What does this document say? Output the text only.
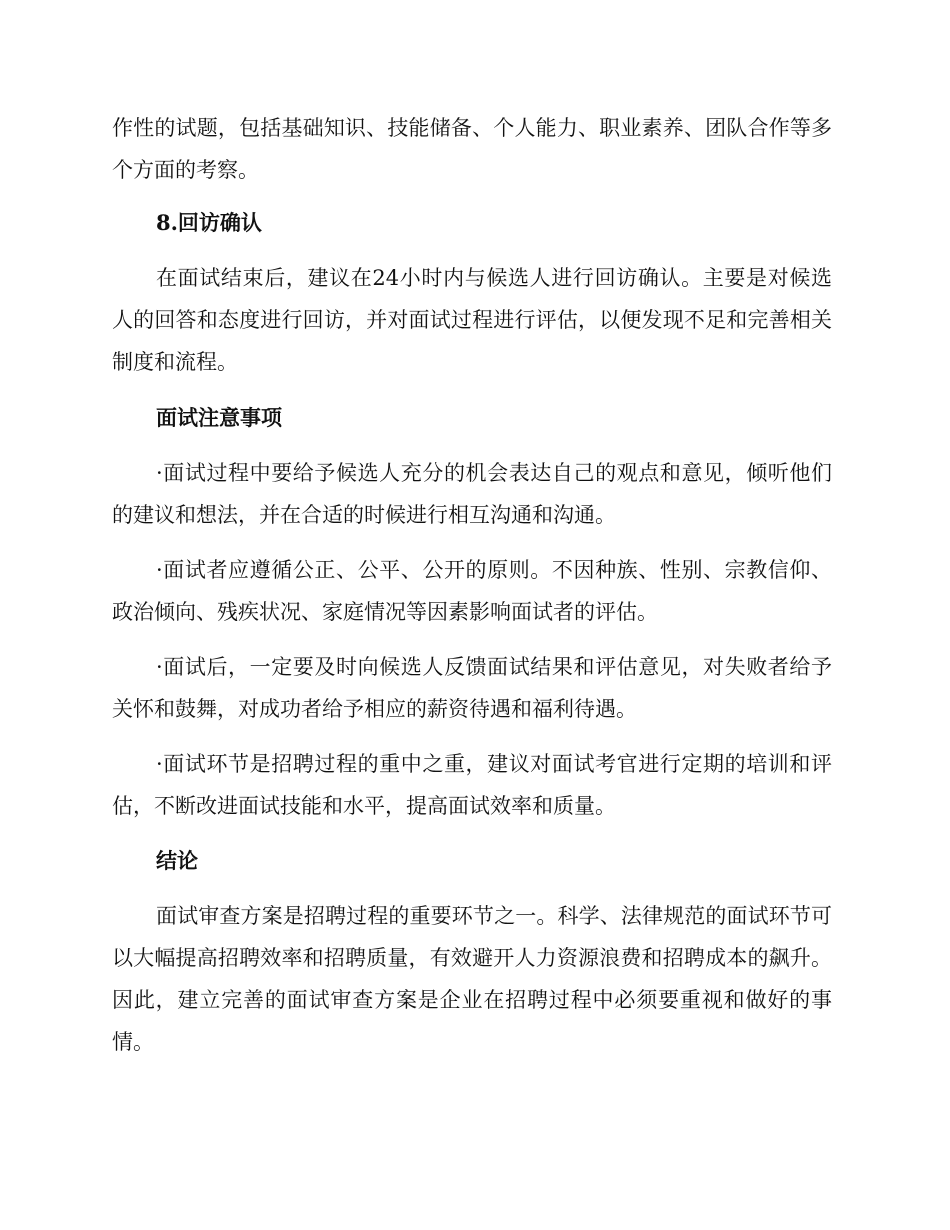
作性的试题，包括基础知识、技能储备、个人能力、职业素养、团队合作等多个方面的考察。

8.回访确认

在面试结束后，建议在24小时内与候选人进行回访确认。主要是对候选人的回答和态度进行回访，并对面试过程进行评估，以便发现不足和完善相关制度和流程。

面试注意事项

·面试过程中要给予候选人充分的机会表达自己的观点和意见，倾听他们的建议和想法，并在合适的时候进行相互沟通和沟通。

·面试者应遵循公正、公平、公开的原则。不因种族、性别、宗教信仰、政治倾向、残疾状况、家庭情况等因素影响面试者的评估。

·面试后，一定要及时向候选人反馈面试结果和评估意见，对失败者给予关怀和鼓舞，对成功者给予相应的薪资待遇和福利待遇。

·面试环节是招聘过程的重中之重，建议对面试考官进行定期的培训和评估，不断改进面试技能和水平，提高面试效率和质量。

结论

面试审查方案是招聘过程的重要环节之一。科学、法律规范的面试环节可以大幅提高招聘效率和招聘质量，有效避开人力资源浪费和招聘成本的飙升。因此，建立完善的面试审查方案是企业在招聘过程中必须要重视和做好的事情。
